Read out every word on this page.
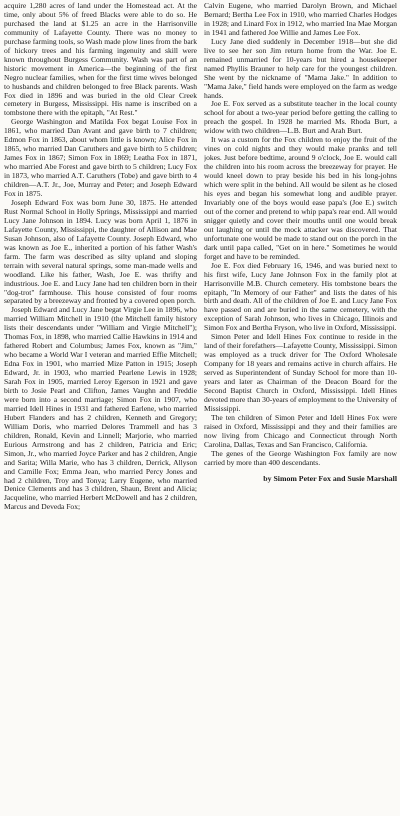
acquire 1,280 acres of land under the Homestead act. At the time, only about 5% of freed Blacks were able to do so. He purchased the land at $1.25 an acre in the Harrisonville community of Lafayette County. There was no money to purchase farming tools, so Wash made plow lines from the bark of hickory trees and his farming ingenuity and skill were known throughout Burgess Community. Wash was part of an historic movement in America—the beginning of the first Negro nuclear families, when for the first time wives belonged to husbands and children belonged to free Black parents. Wash Fox died in 1896 and was buried in the old Clear Creek cemetery in Burgess, Mississippi. His name is inscribed on a tombstone there with the epitaph, "At Rest."

George Washington and Matilda Fox begat Louise Fox in 1861, who married Dan Avant and gave birth to 7 children; Edmon Fox in 1863, about whom little is known; Alice Fox in 1865, who married Dan Caruthers and gave birth to 5 children; James Fox in 1867; Simon Fox in 1869; Leatha Fox in 1871, who married Abe Forest and gave birth to 5 children; Lucy Fox in 1873, who married A.T. Caruthers (Tobe) and gave birth to 4 children—A.T. Jr., Joe, Murray and Peter; and Joseph Edward Fox in 1875.

Joseph Edward Fox was born June 30, 1875. He attended Rust Normal School in Holly Springs, Mississippi and married Lucy Jane Johnson in 1894. Lucy was born April 1, 1876 in Lafayette County, Mississippi, the daughter of Allison and Mae Susan Johnson, also of Lafayette County. Joseph Edward, who was known as Joe E., inherited a portion of his father Wash's farm. The farm was described as silty upland and sloping terrain with several natural springs, some man-made wells and woodland. Like his father, Wash, Joe E. was thrifty and industrious. Joe E. and Lucy Jane had ten children born in their "dog-trot" farmhouse. This house consisted of four rooms separated by a breezeway and fronted by a covered open porch.

Joseph Edward and Lucy Jane begat Virgie Lee in 1896, who married William Mitchell in 1910 (the Mitchell family history lists their descendants under "William and Virgie Mitchell"); Thomas Fox, in 1898, who married Callie Hawkins in 1914 and fathered Robert and Columbus; James Fox, known as "Jim," who became a World War I veteran and married Effie Mitchell; Edna Fox in 1901, who married Mize Patton in 1915; Joseph Edward, Jr. in 1903, who married Pearlene Lewis in 1928; Sarah Fox in 1905, married Leroy Egerson in 1921 and gave birth to Josie Pearl and Clifton, James Vaughn and Freddie were born into a second marriage; Simon Fox in 1907, who married Idell Hines in 1931 and fathered Earlene, who married Hubert Flanders and has 2 children, Kenneth and Gregory; William Doris, who married Delores Trammell and has 3 children, Ronald, Kevin and Linnell; Marjorie, who married Eurious Armstrong and has 2 children, Patricia and Eric; Simon, Jr., who married Joyce Parker and has 2 children, Angie and Sarita; Willa Marie, who has 3 children, Derrick, Allyson and Camille Fox; Emma Jean, who married Percy Jones and had 2 children, Troy and Tonya; Larry Eugene, who married Denice Clements and has 3 children, Shaun, Brent and Alicia; Jacqueline, who married Herbert McDowell and has 2 children, Marcus and Deveda Fox;

Calvin Eugene, who married Darolyn Brown, and Michael Bernard; Bertha Lee Fox in 1910, who married Charles Hodges in 1928; and Linard Fox in 1912, who married Ina Mae Morgan in 1941 and fathered Joe Willie and James Lee Fox.

Lucy Jane died suddenly in December 1918—but she did live to see her son Jim return home from the War. Joe E. remained unmarried for 10-years but hired a housekeeper named Phyllis Brauner to help care for the youngest children. She went by the nickname of "Mama Jake." In addition to "Mama Jake," field hands were employed on the farm as wedge hands.

Joe E. Fox served as a substitute teacher in the local county school for about a two-year period before getting the calling to preach the gospel. In 1928 he married Ms. Rhoda Burt, a widow with two children—L.B. Burt and Arah Burt.

It was a custom for the Fox children to enjoy the fruit of the vines on cold nights and they would make pranks and tell jokes. Just before bedtime, around 9 o'clock, Joe E. would call the children into his room across the breezeway for prayer. He would kneel down to pray beside his bed in his long-johns which were split in the behind. All would be silent as he closed his eyes and began his somewhat long and audible prayer. Invariably one of the boys would ease papa's (Joe E.) switch out of the corner and pretend to whip papa's rear end. All would snigger quietly and cover their mouths until one would break out laughing or until the mock attacker was discovered. That unfortunate one would be made to stand out on the porch in the dark until papa called, "Get on in here." Sometimes he would forget and have to be reminded.

Joe E. Fox died February 16, 1946, and was buried next to his first wife, Lucy Jane Johnson Fox in the family plot at Harrisonville M.B. Church cemetery. His tombstone bears the epitaph, "In Memory of our Father" and lists the dates of his birth and death. All of the children of Joe E. and Lucy Jane Fox have passed on and are buried in the same cemetery, with the exception of Sarah Johnson, who lives in Chicago, Illinois and Simon Fox and Bertha Fryson, who live in Oxford, Mississippi.

Simon Peter and Idell Hines Fox continue to reside in the land of their forefathers—Lafayette County, Mississippi. Simon was employed as a truck driver for The Oxford Wholesale Company for 18 years and remains active in church affairs. He served as Superintendent of Sunday School for more than 10-years and later as Chairman of the Deacon Board for the Second Baptist Church in Oxford, Mississippi. Idell Hines devoted more than 30-years of employment to the University of Mississippi.

The ten children of Simon Peter and Idell Hines Fox were raised in Oxford, Mississippi and they and their families are now living from Chicago and Connecticut through North Carolina, Dallas, Texas and San Francisco, California.

The genes of the George Washington Fox family are now carried by more than 400 descendants.

by Simom Peter Fox and Susie Marshall
